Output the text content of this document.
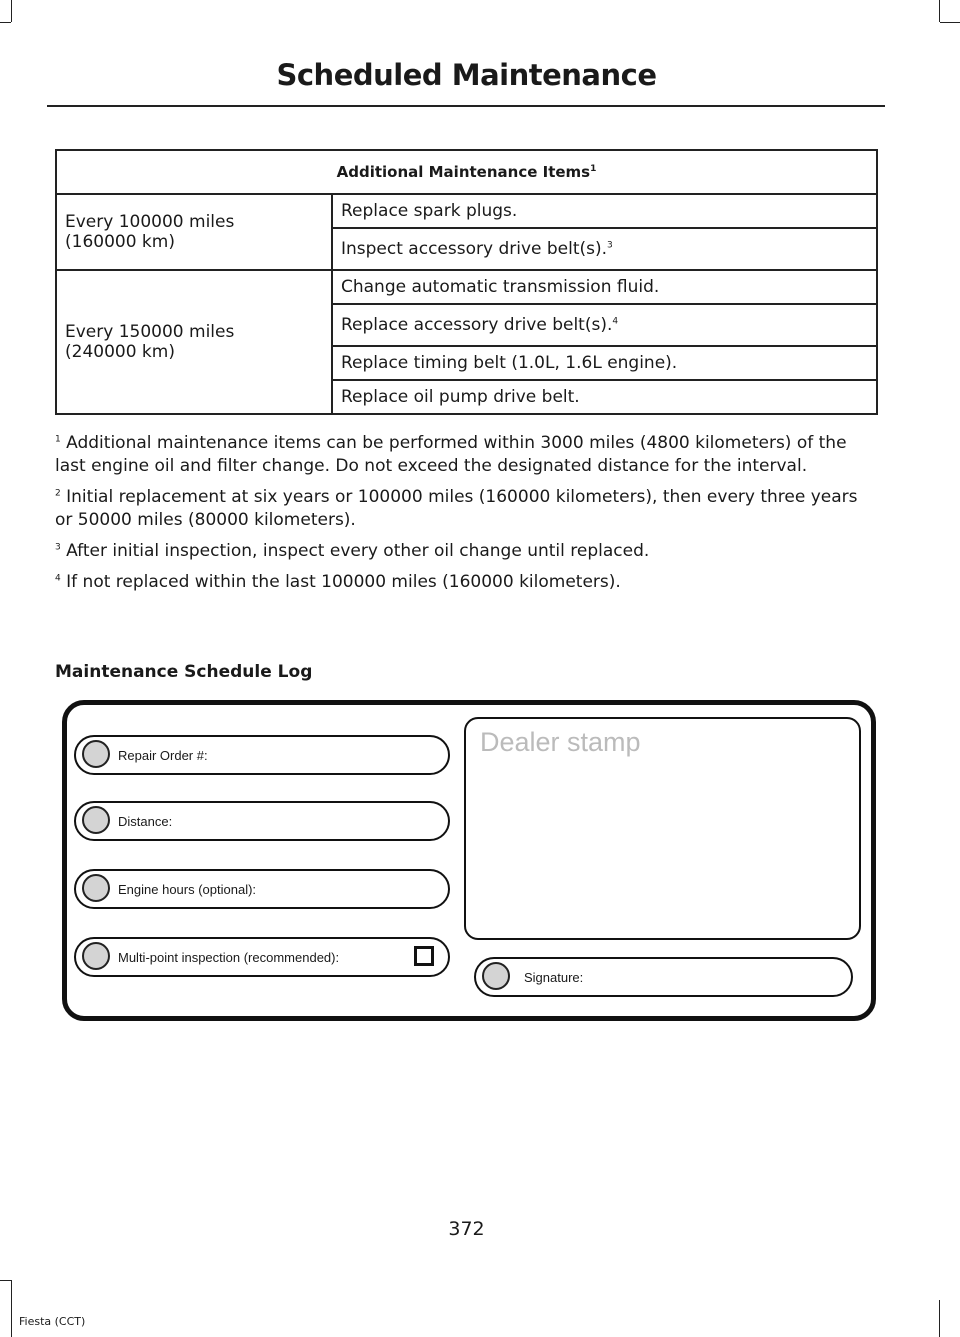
Scheduled Maintenance
Additional Maintenance Items$^1$
Every 100000 miles
(160000 km)	Replace spark plugs.
	Inspect accessory drive belt(s).$^3$
Every 150000 miles
(240000 km)	Change automatic transmission fluid.
	Replace accessory drive belt(s).$^4$
	Replace timing belt (1.0L, 1.6L engine).
	Replace oil pump drive belt.

$^1$ Additional maintenance items can be performed within 3000 miles (4800 kilometers) of the last engine oil and filter change. Do not exceed the designated distance for the interval.

$^2$ Initial replacement at six years or 100000 miles (160000 kilometers), then every three years or 50000 miles (80000 kilometers).

$^3$ After initial inspection, inspect every other oil change until replaced.

$^4$ If not replaced within the last 100000 miles (160000 kilometers).

Maintenance Schedule Log
Repair Order #:
Distance:
Engine hours (optional):
Multi-point inspection (recommended):
Dealer stamp
Signature:
372
Fiesta (CCT)
